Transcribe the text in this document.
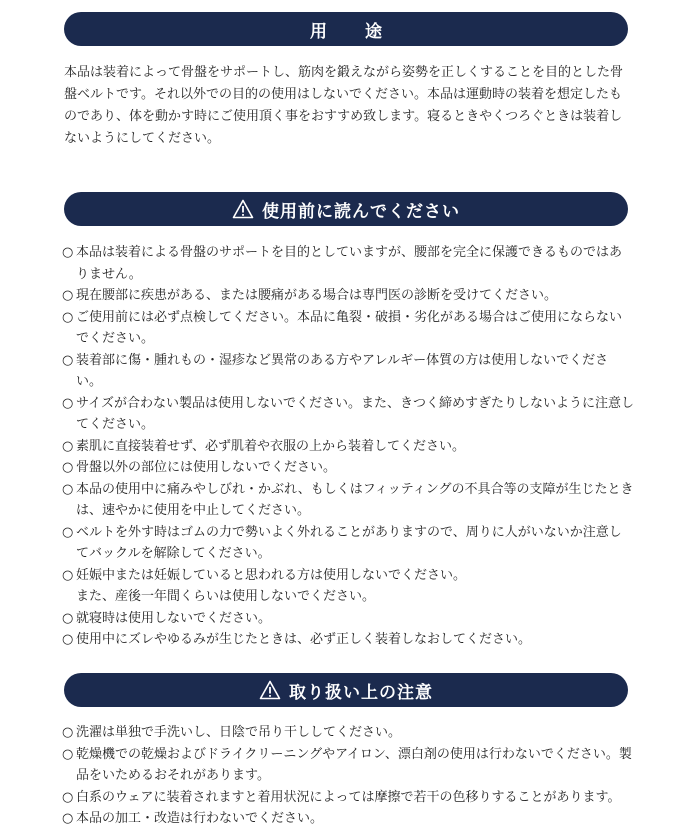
用 途

本品は装着によって骨盤をサポートし、筋肉を鍛えながら姿勢を正しくすることを目的とした骨盤ベルトです。それ以外での目的の使用はしないでください。本品は運動時の装着を想定したものであり、体を動かす時にご使用頂く事をおすすめ致します。寝るときやくつろぐときは装着しないようにしてください。

使用前に読んでください
○ 本品は装着による骨盤のサポートを目的としていますが、腰部を完全に保護できるものではありません。
○ 現在腰部に疾患がある、または腰痛がある場合は専門医の診断を受けてください。
○ ご使用前には必ず点検してください。本品に亀裂・破損・劣化がある場合はご使用にならないでください。
○ 装着部に傷・腫れもの・湿疹など異常のある方やアレルギー体質の方は使用しないでください。
○ サイズが合わない製品は使用しないでください。また、きつく締めすぎたりしないように注意してください。
○ 素肌に直接装着せず、必ず肌着や衣服の上から装着してください。
○ 骨盤以外の部位には使用しないでください。
○ 本品の使用中に痛みやしびれ・かぶれ、もしくはフィッティングの不具合等の支障が生じたときは、速やかに使用を中止してください。
○ ベルトを外す時はゴムの力で勢いよく外れることがありますので、周りに人がいないか注意してバックルを解除してください。
○ 妊娠中または妊娠していると思われる方は使用しないでください。
また、産後一年間くらいは使用しないでください。
○ 就寝時は使用しないでください。
○ 使用中にズレやゆるみが生じたときは、必ず正しく装着しなおしてください。
取り扱い上の注意
○ 洗濯は単独で手洗いし、日陰で吊り干ししてください。
○ 乾燥機での乾燥およびドライクリーニングやアイロン、漂白剤の使用は行わないでください。製品をいためるおそれがあります。
○ 白系のウェアに装着されますと着用状況によっては摩擦で若干の色移りすることがあります。
○ 本品の加工・改造は行わないでください。
